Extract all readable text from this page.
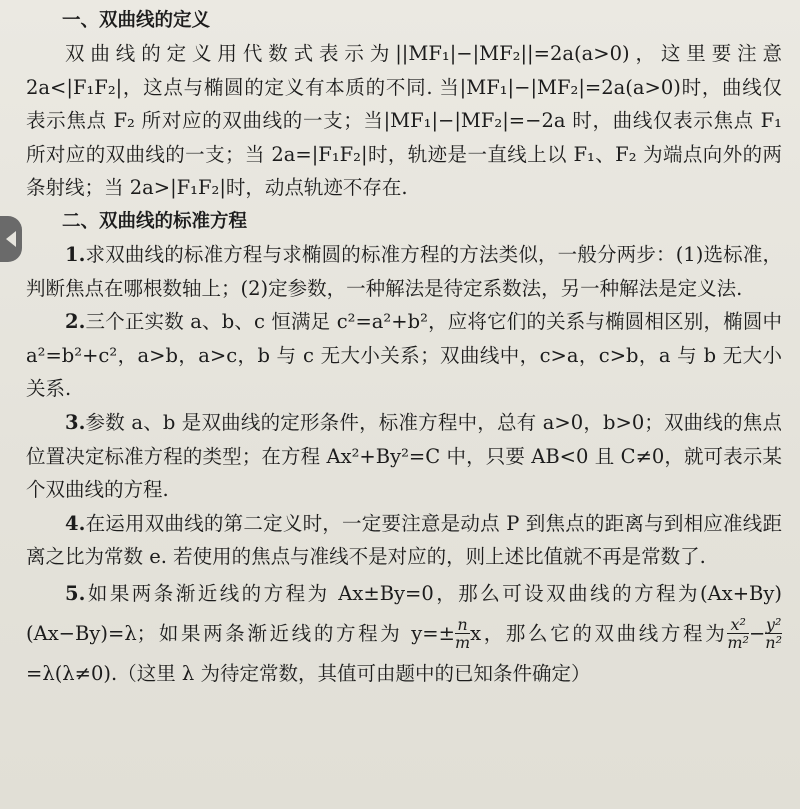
一、双曲线的定义

双曲线的定义用代数式表示为||MF₁|−|MF₂||=2a(a>0)，这里要注意 2a<|F₁F₂|，这点与椭圆的定义有本质的不同. 当|MF₁|−|MF₂|=2a(a>0)时，曲线仅表示焦点 F₂ 所对应的双曲线的一支；当|MF₁|−|MF₂|=−2a 时，曲线仅表示焦点 F₁ 所对应的双曲线的一支；当 2a=|F₁F₂|时，轨迹是一直线上以 F₁、F₂ 为端点向外的两条射线；当 2a>|F₁F₂|时，动点轨迹不存在.

二、双曲线的标准方程

1.求双曲线的标准方程与求椭圆的标准方程的方法类似，一般分两步：(1)选标准，判断焦点在哪根数轴上；(2)定参数，一种解法是待定系数法，另一种解法是定义法.

2.三个正实数 a、b、c 恒满足 c²=a²+b²，应将它们的关系与椭圆相区别，椭圆中 a²=b²+c²，a>b，a>c，b 与 c 无大小关系；双曲线中，c>a，c>b，a 与 b 无大小关系.

3.参数 a、b 是双曲线的定形条件，标准方程中，总有 a>0，b>0；双曲线的焦点位置决定标准方程的类型；在方程 Ax²+By²=C 中，只要 AB<0 且 C≠0，就可表示某个双曲线的方程.

4.在运用双曲线的第二定义时，一定要注意是动点 P 到焦点的距离与到相应准线距离之比为常数 e. 若使用的焦点与准线不是对应的，则上述比值就不再是常数了.

5.如果两条渐近线的方程为 Ax±By=0，那么可设双曲线的方程为(Ax+By)(Ax−By)=λ；如果两条渐近线的方程为 $y=\pm \frac{n}{m}$ x，那么它的双曲线方程为 $\frac{\text{x²}}{\text{m²}} - \frac{\text{y²}}{\text{n²}}$
=λ(λ≠0).（这里 λ 为待定常数，其值可由题中的已知条件确定）
